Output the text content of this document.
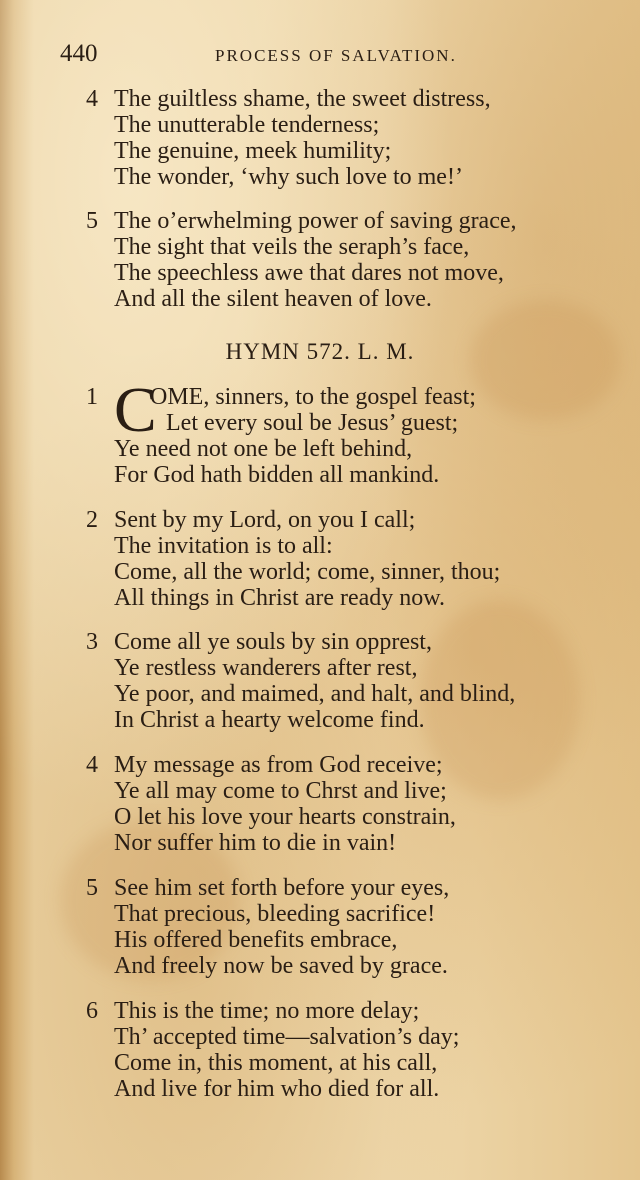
440	PROCESS OF SALVATION.
4 The guiltless shame, the sweet distress,
The unutterable tenderness;
The genuine, meek humility;
The wonder, ‘why such love to me!’
5 The o’erwhelming power of saving grace,
The sight that veils the seraph’s face,
The speechless awe that dares not move,
And all the silent heaven of love.
HYMN 572. L. M.
C
1 OME, sinners, to the gospel feast;
Let every soul be Jesus’ guest;
Ye need not one be left behind,
For God hath bidden all mankind.
2 Sent by my Lord, on you I call;
The invitation is to all:
Come, all the world; come, sinner, thou;
All things in Christ are ready now.
3 Come all ye souls by sin opprest,
Ye restless wanderers after rest,
Ye poor, and maimed, and halt, and blind,
In Christ a hearty welcome find.
4 My message as from God receive;
Ye all may come to Chrst and live;
O let his love your hearts constrain,
Nor suffer him to die in vain!
5 See him set forth before your eyes,
That precious, bleeding sacrifice!
His offered benefits embrace,
And freely now be saved by grace.
6 This is the time; no more delay;
Th’ accepted time—salvation’s day;
Come in, this moment, at his call,
And live for him who died for all.
